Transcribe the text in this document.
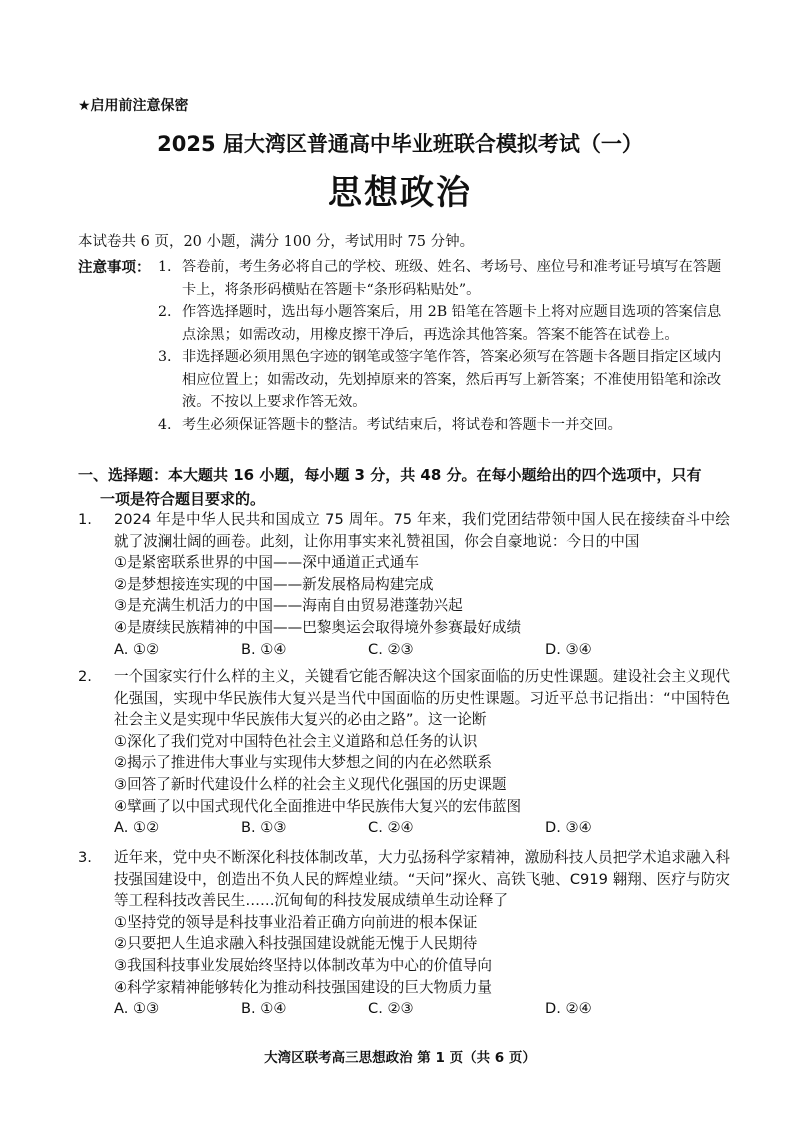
★启用前注意保密
2025 届大湾区普通高中毕业班联合模拟考试（一）
思想政治
本试卷共 6 页，20 小题，满分 100 分，考试用时 75 分钟。
注意事项： 1. 答卷前，考生务必将自己的学校、班级、姓名、考场号、座位号和准考证号填写在答题卡上，将条形码横贴在答题卡“条形码粘贴处”。
2. 作答选择题时，选出每小题答案后，用 2B 铅笔在答题卡上将对应题目选项的答案信息点涂黑；如需改动，用橡皮擦干净后，再选涂其他答案。答案不能答在试卷上。
3. 非选择题必须用黑色字迹的钢笔或签字笔作答，答案必须写在答题卡各题目指定区域内相应位置上；如需改动，先划掉原来的答案，然后再写上新答案；不准使用铅笔和涂改液。不按以上要求作答无效。
4. 考生必须保证答题卡的整洁。考试结束后，将试卷和答题卡一并交回。
一、选择题：本大题共 16 小题，每小题 3 分，共 48 分。在每小题给出的四个选项中，只有
一项是符合题目要求的。
1.	2024 年是中华人民共和国成立 75 周年。75 年来，我们党团结带领中国人民在接续奋斗中绘就了波澜壮阔的画卷。此刻，让你用事实来礼赞祖国，你会自豪地说：今日的中国
①是紧密联系世界的中国——深中通道正式通车
②是梦想接连实现的中国——新发展格局构建完成
③是充满生机活力的中国——海南自由贸易港蓬勃兴起
④是赓续民族精神的中国——巴黎奥运会取得境外参赛最好成绩
A. ①②	B. ①④	C. ②③	D. ③④
2.	一个国家实行什么样的主义，关键看它能否解决这个国家面临的历史性课题。建设社会主义现代化强国，实现中华民族伟大复兴是当代中国面临的历史性课题。习近平总书记指出：“中国特色社会主义是实现中华民族伟大复兴的必由之路”。这一论断
①深化了我们党对中国特色社会主义道路和总任务的认识
②揭示了推进伟大事业与实现伟大梦想之间的内在必然联系
③回答了新时代建设什么样的社会主义现代化强国的历史课题
④擘画了以中国式现代化全面推进中华民族伟大复兴的宏伟蓝图
A. ①②	B. ①③	C. ②④	D. ③④
3.	近年来，党中央不断深化科技体制改革，大力弘扬科学家精神，激励科技人员把学术追求融入科技强国建设中，创造出不负人民的辉煌业绩。“天问”探火、高铁飞驰、C919 翱翔、医疗与防灾等工程科技改善民生……沉甸甸的科技发展成绩单生动诠释了
①坚持党的领导是科技事业沿着正确方向前进的根本保证
②只要把人生追求融入科技强国建设就能无愧于人民期待
③我国科技事业发展始终坚持以体制改革为中心的价值导向
④科学家精神能够转化为推动科技强国建设的巨大物质力量
A. ①③	B. ①④	C. ②③	D. ②④
大湾区联考高三思想政治 第 1 页（共 6 页）
